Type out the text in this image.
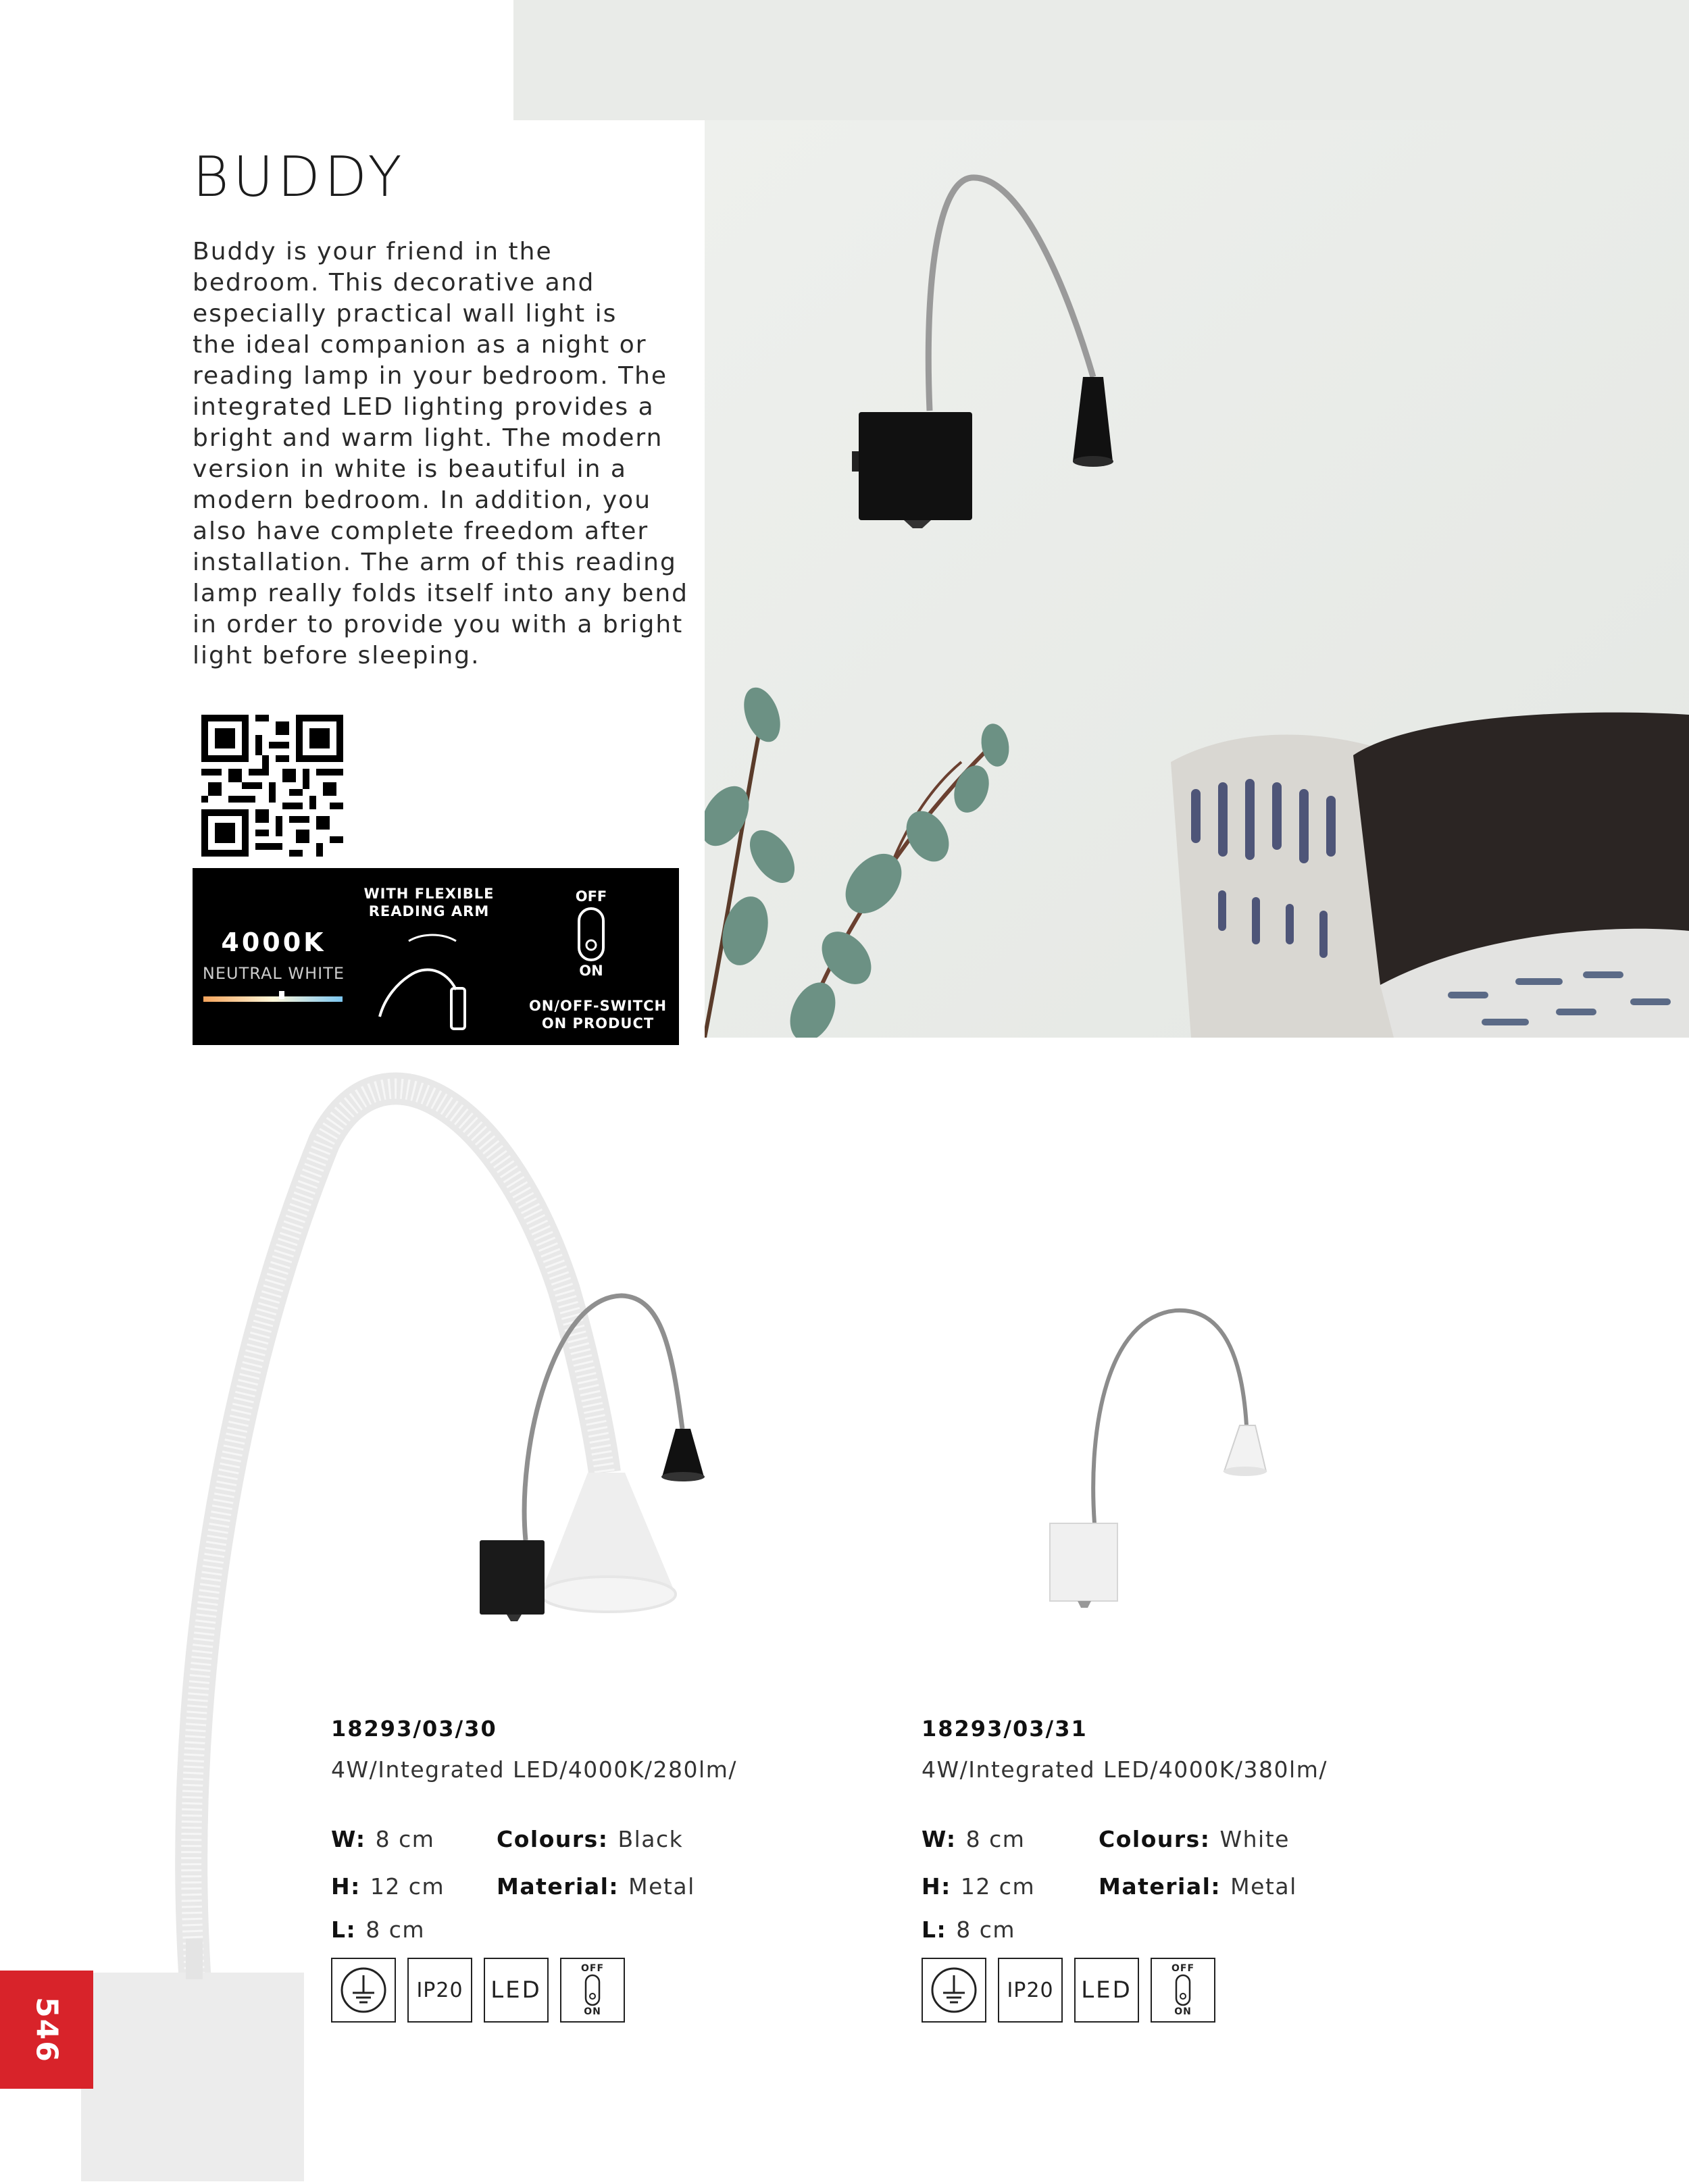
BUDDY
Buddy is your friend in the
bedroom. This decorative and
especially practical wall light is
the ideal companion as a night or
reading lamp in your bedroom. The
integrated LED lighting provides a
bright and warm light. The modern
version in white is beautiful in a
modern bedroom. In addition, you
also have complete freedom after
installation. The arm of this reading
lamp really folds itself into any bend
in order to provide you with a bright
light before sleeping.
4000K
NEUTRAL WHITE
WITH FLEXIBLE
READING ARM
OFF
ON
ON/OFF-SWITCH
ON PRODUCT
18293/03/30
4W/Integrated LED/4000K/280lm/
W: 8 cm	Colours: Black
H: 12 cm Material: Metal
L: 8 cm
IP20 LED
OFF
ON
18293/03/31
4W/Integrated LED/4000K/380lm/
W: 8 cm	Colours: White
H: 12 cm	Material: Metal
L: 8 cm
IP20 LED
OFF
ON
546
